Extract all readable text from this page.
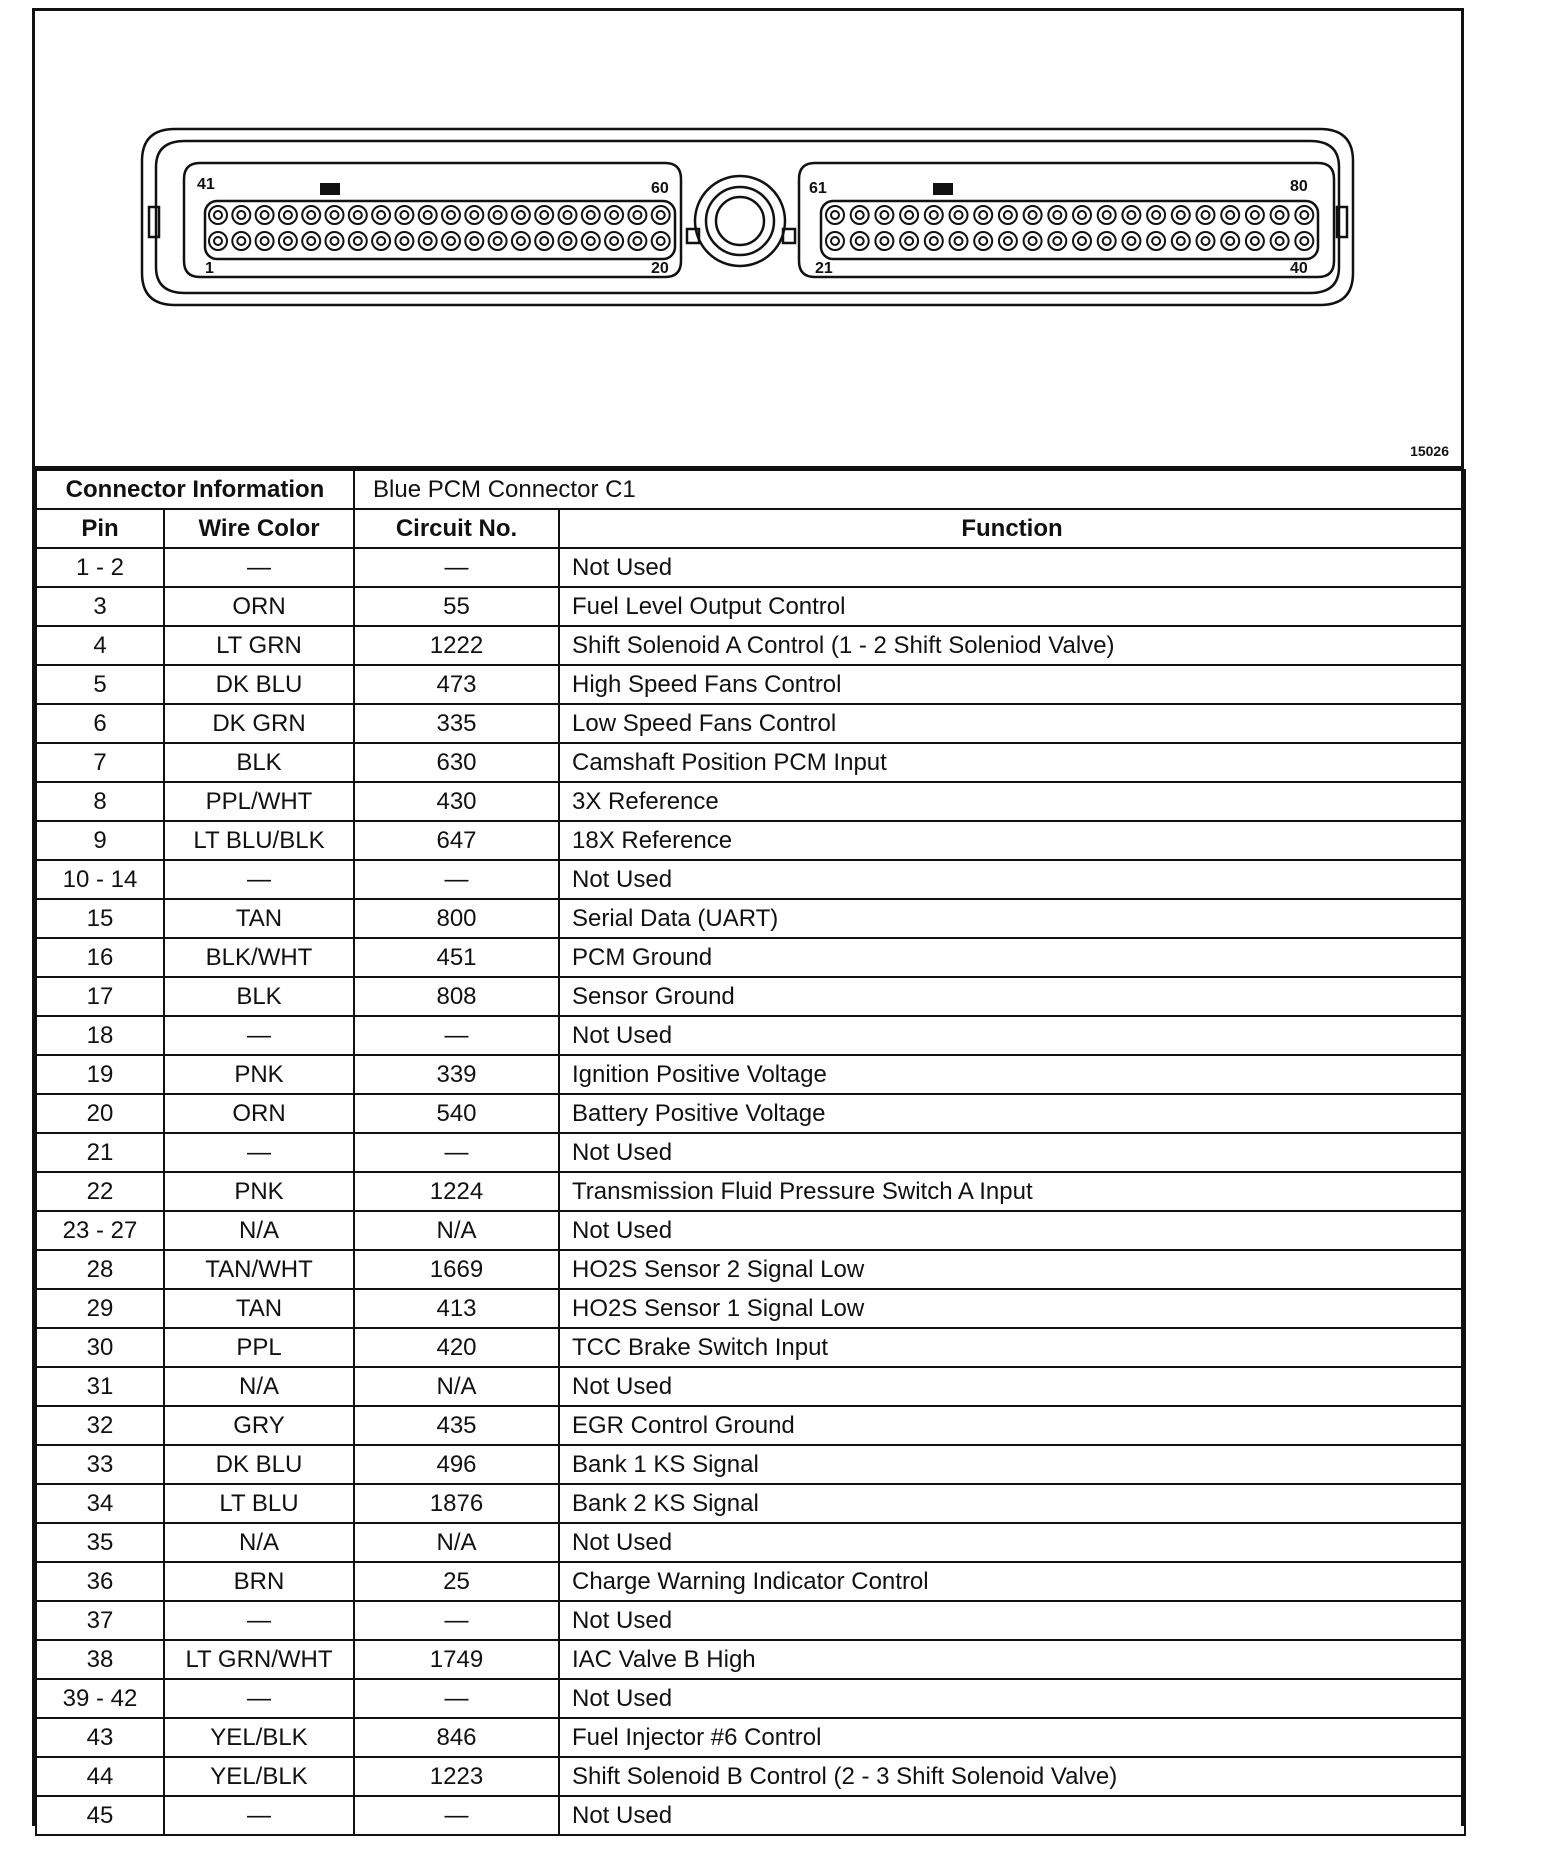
41	60
1	20
61	80
21	40
15026
Connector Information		Blue PCM Connector C1	
Pin	Wire Color	Circuit No.	Function
1 - 2	—	—	Not Used
3	ORN	55	Fuel Level Output Control
4	LT GRN	1222	Shift Solenoid A Control (1 - 2 Shift Soleniod Valve)
5	DK BLU	473	High Speed Fans Control
6	DK GRN	335	Low Speed Fans Control
7	BLK	630	Camshaft Position PCM Input
8	PPL/WHT	430	3X Reference
9	LT BLU/BLK	647	18X Reference
10 - 14	—	—	Not Used
15	TAN	800	Serial Data (UART)
16	BLK/WHT	451	PCM Ground
17	BLK	808	Sensor Ground
18	—	—	Not Used
19	PNK	339	Ignition Positive Voltage
20	ORN	540	Battery Positive Voltage
21	—	—	Not Used
22	PNK	1224	Transmission Fluid Pressure Switch A Input
23 - 27	N/A	N/A	Not Used
28	TAN/WHT	1669	HO2S Sensor 2 Signal Low
29	TAN	413	HO2S Sensor 1 Signal Low
30	PPL	420	TCC Brake Switch Input
31	N/A	N/A	Not Used
32	GRY	435	EGR Control Ground
33	DK BLU	496	Bank 1 KS Signal
34	LT BLU	1876	Bank 2 KS Signal
35	N/A	N/A	Not Used
36	BRN	25	Charge Warning Indicator Control
37	—	—	Not Used
38	LT GRN/WHT	1749	IAC Valve B High
39 - 42	—	—	Not Used
43	YEL/BLK	846	Fuel Injector #6 Control
44	YEL/BLK	1223	Shift Solenoid B Control (2 - 3 Shift Solenoid Valve)
45	—	—	Not Used
